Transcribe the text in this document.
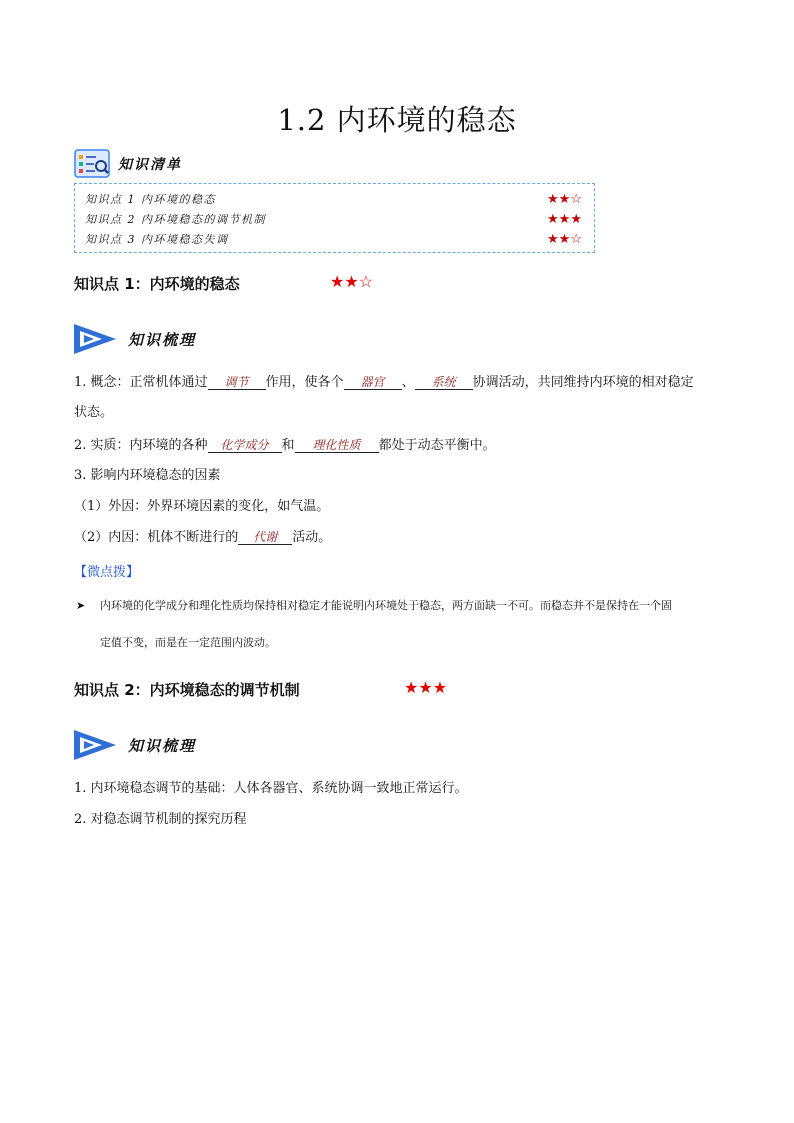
1.2 内环境的稳态
知识清单
知识点 1 内环境的稳态	★★☆
知识点 2 内环境稳态的调节机制	★★★
知识点 3 内环境稳态失调	★★☆
知识点 1：内环境的稳态	★★☆
知识梳理
1. 概念：正常机体通过 调节 作用，使各个 器官 、 系统 协调活动，共同维持内环境的相对稳定
状态。
2. 实质：内环境的各种 化学成分 和 理化性质 都处于动态平衡中。
3. 影响内环境稳态的因素
（1）外因：外界环境因素的变化，如气温。
（2）内因：机体不断进行的 代谢 活动。
【微点拨】
➤ 内环境的化学成分和理化性质均保持相对稳定才能说明内环境处于稳态，两方面缺一不可。而稳态并不是保持在一个固
定值不变，而是在一定范围内波动。
知识点 2：内环境稳态的调节机制	★★★
知识梳理
1. 内环境稳态调节的基础：人体各器官、系统协调一致地正常运行。
2. 对稳态调节机制的探究历程
